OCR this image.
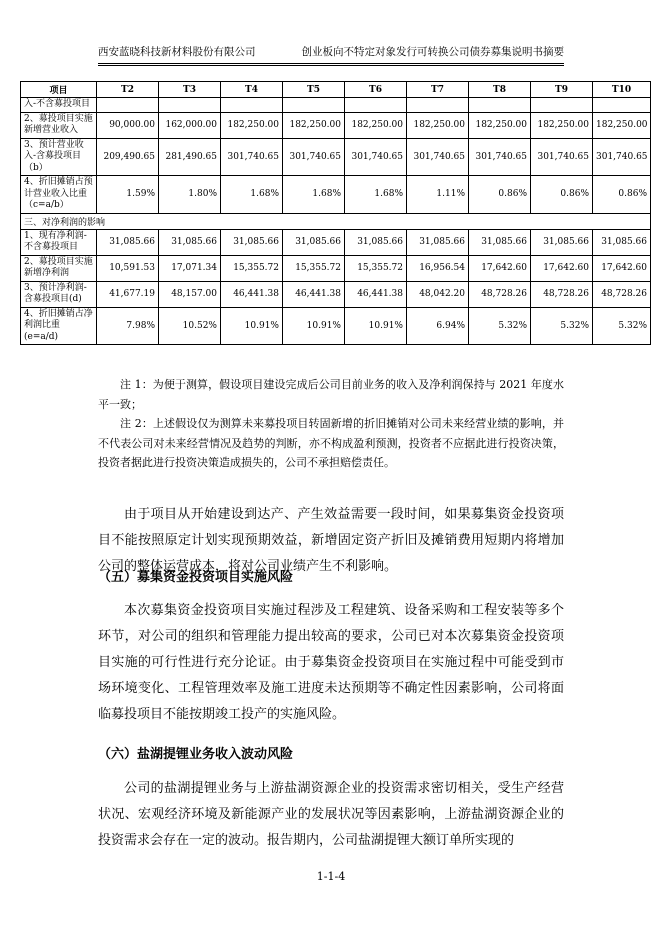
西安蓝晓科技新材料股份有限公司	创业板向不特定对象发行可转换公司债券募集说明书摘要
项目	T2	T3	T4	T5	T6	T7	T8	T9	T10
入-不含募投项目									
2、募投项目实施新增营业收入	90,000.00	162,000.00	182,250.00	182,250.00	182,250.00	182,250.00	182,250.00	182,250.00	182,250.00
3、预计营业收入-含募投项目（b）	209,490.65	281,490.65	301,740.65	301,740.65	301,740.65	301,740.65	301,740.65	301,740.65	301,740.65
4、折旧摊销占预计营业收入比重（c=a/b）	1.59%	1.80%	1.68%	1.68%	1.68%	1.11%	0.86%	0.86%	0.86%
三、对净利润的影响									
1、现有净利润-不含募投项目	31,085.66	31,085.66	31,085.66	31,085.66	31,085.66	31,085.66	31,085.66	31,085.66	31,085.66
2、募投项目实施新增净利润	10,591.53	17,071.34	15,355.72	15,355.72	15,355.72	16,956.54	17,642.60	17,642.60	17,642.60
3、预计净利润-含募投项目(d)	41,677.19	48,157.00	46,441.38	46,441.38	46,441.38	48,042.20	48,728.26	48,728.26	48,728.26
4、折旧摊销占净利润比重(e=a/d)	7.98%	10.52%	10.91%	10.91%	10.91%	6.94%	5.32%	5.32%	5.32%

注 1：为便于测算，假设项目建设完成后公司目前业务的收入及净利润保持与 2021 年度水平一致；

注 2：上述假设仅为测算未来募投项目转固新增的折旧摊销对公司未来经营业绩的影响，并不代表公司对未来经营情况及趋势的判断，亦不构成盈利预测，投资者不应据此进行投资决策，投资者据此进行投资决策造成损失的，公司不承担赔偿责任。

由于项目从开始建设到达产、产生效益需要一段时间，如果募集资金投资项目不能按照原定计划实现预期效益，新增固定资产折旧及摊销费用短期内将增加公司的整体运营成本，将对公司业绩产生不利影响。

（五）募集资金投资项目实施风险

本次募集资金投资项目实施过程涉及工程建筑、设备采购和工程安装等多个环节，对公司的组织和管理能力提出较高的要求，公司已对本次募集资金投资项目实施的可行性进行充分论证。由于募集资金投资项目在实施过程中可能受到市场环境变化、工程管理效率及施工进度未达预期等不确定性因素影响，公司将面临募投项目不能按期竣工投产的实施风险。

（六）盐湖提锂业务收入波动风险

公司的盐湖提锂业务与上游盐湖资源企业的投资需求密切相关，受生产经营状况、宏观经济环境及新能源产业的发展状况等因素影响，上游盐湖资源企业的投资需求会存在一定的波动。报告期内，公司盐湖提锂大额订单所实现的

1-1-4
